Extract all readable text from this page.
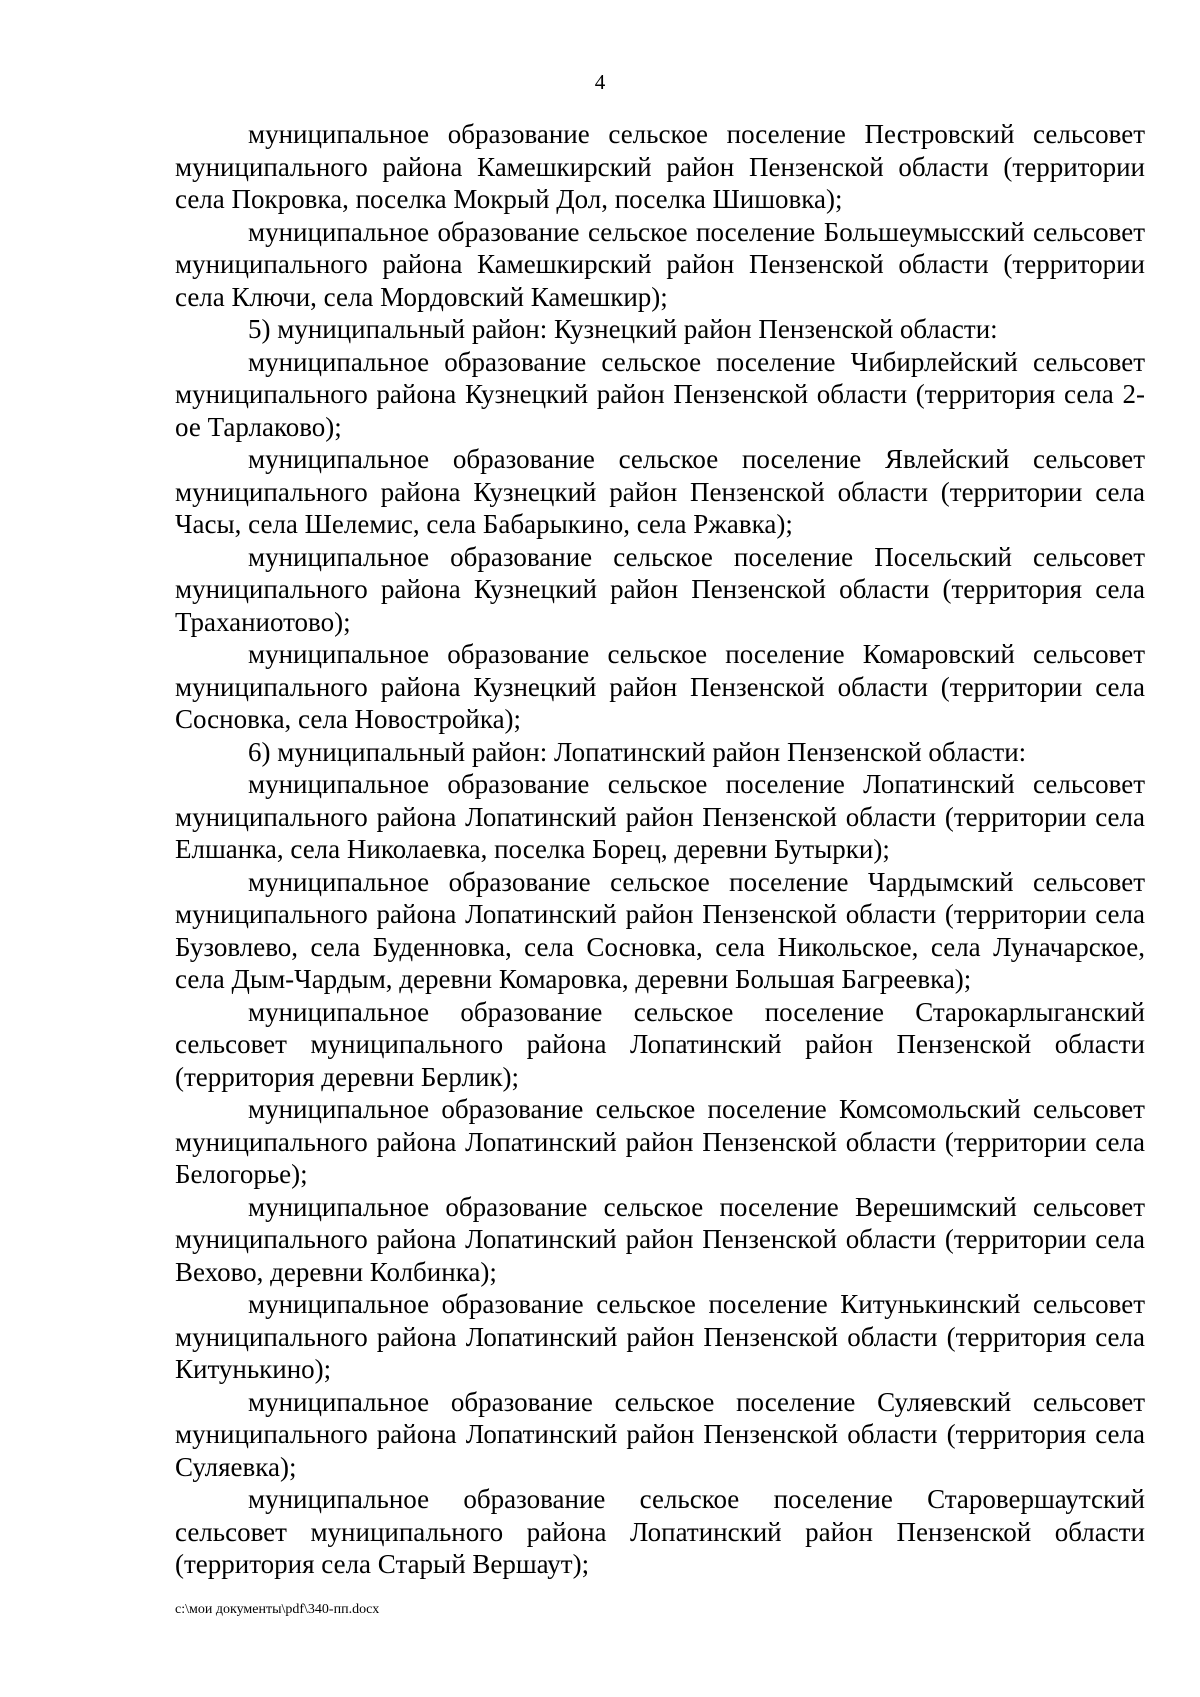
4

муниципальное образование сельское поселение Пестровский сельсовет муниципального района Камешкирский район Пензенской области (территории села Покровка, поселка Мокрый Дол, поселка Шишовка);

муниципальное образование сельское поселение Большеумысский сельсовет муниципального района Камешкирский район Пензенской области (территории села Ключи, села Мордовский Камешкир);

5) муниципальный район: Кузнецкий район Пензенской области:

муниципальное образование сельское поселение Чибирлейский сельсовет муниципального района Кузнецкий район Пензенской области (территория села 2-ое Тарлаково);

муниципальное образование сельское поселение Явлейский сельсовет муниципального района Кузнецкий район Пензенской области (территории села Часы, села Шелемис, села Бабарыкино, села Ржавка);

муниципальное образование сельское поселение Посельский сельсовет муниципального района Кузнецкий район Пензенской области (территория села Траханиотово);

муниципальное образование сельское поселение Комаровский сельсовет муниципального района Кузнецкий район Пензенской области (территории села Сосновка, села Новостройка);

6) муниципальный район: Лопатинский район Пензенской области:

муниципальное образование сельское поселение Лопатинский сельсовет муниципального района Лопатинский район Пензенской области (территории села Елшанка, села Николаевка, поселка Борец, деревни Бутырки);

муниципальное образование сельское поселение Чардымский сельсовет муниципального района Лопатинский район Пензенской области (территории села Бузовлево, села Буденновка, села Сосновка, села Никольское, села Луначарское, села Дым-Чардым, деревни Комаровка, деревни Большая Багреевка);

муниципальное образование сельское поселение Старокарлыганский сельсовет муниципального района Лопатинский район Пензенской области (территория деревни Берлик);

муниципальное образование сельское поселение Комсомольский сельсовет муниципального района Лопатинский район Пензенской области (территории села Белогорье);

муниципальное образование сельское поселение Верешимский сельсовет муниципального района Лопатинский район Пензенской области (территории села Вехово, деревни Колбинка);

муниципальное образование сельское поселение Китунькинский сельсовет муниципального района Лопатинский район Пензенской области (территория села Китунькино);

муниципальное образование сельское поселение Суляевский сельсовет муниципального района Лопатинский район Пензенской области (территория села Суляевка);

муниципальное образование сельское поселение Старовершаутский сельсовет муниципального района Лопатинский район Пензенской области (территория села Старый Вершаут);

c:\мои документы\pdf\340-пп.docx
